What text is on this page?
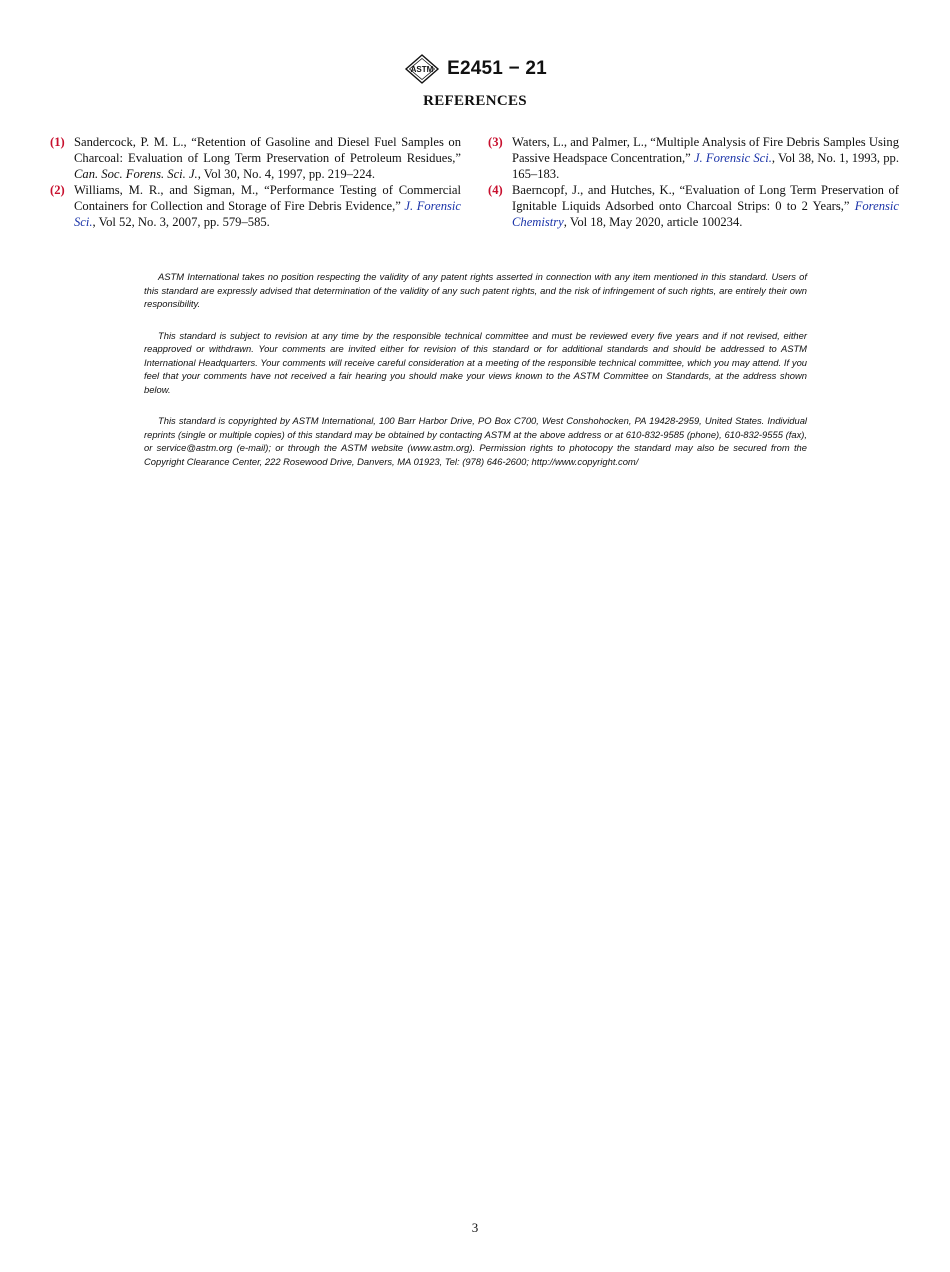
ASTM E2451 − 21
REFERENCES
(1) Sandercock, P. M. L., “Retention of Gasoline and Diesel Fuel Samples on Charcoal: Evaluation of Long Term Preservation of Petroleum Residues,” Can. Soc. Forens. Sci. J., Vol 30, No. 4, 1997, pp. 219–224.
(2) Williams, M. R., and Sigman, M., “Performance Testing of Commercial Containers for Collection and Storage of Fire Debris Evidence,” J. Forensic Sci., Vol 52, No. 3, 2007, pp. 579–585.
(3) Waters, L., and Palmer, L., “Multiple Analysis of Fire Debris Samples Using Passive Headspace Concentration,” J. Forensic Sci., Vol 38, No. 1, 1993, pp. 165–183.
(4) Baerncopf, J., and Hutches, K., “Evaluation of Long Term Preservation of Ignitable Liquids Adsorbed onto Charcoal Strips: 0 to 2 Years,” Forensic Chemistry, Vol 18, May 2020, article 100234.

ASTM International takes no position respecting the validity of any patent rights asserted in connection with any item mentioned in this standard. Users of this standard are expressly advised that determination of the validity of any such patent rights, and the risk of infringement of such rights, are entirely their own responsibility.

This standard is subject to revision at any time by the responsible technical committee and must be reviewed every five years and if not revised, either reapproved or withdrawn. Your comments are invited either for revision of this standard or for additional standards and should be addressed to ASTM International Headquarters. Your comments will receive careful consideration at a meeting of the responsible technical committee, which you may attend. If you feel that your comments have not received a fair hearing you should make your views known to the ASTM Committee on Standards, at the address shown below.

This standard is copyrighted by ASTM International, 100 Barr Harbor Drive, PO Box C700, West Conshohocken, PA 19428-2959, United States. Individual reprints (single or multiple copies) of this standard may be obtained by contacting ASTM at the above address or at 610-832-9585 (phone), 610-832-9555 (fax), or service@astm.org (e-mail); or through the ASTM website (www.astm.org). Permission rights to photocopy the standard may also be secured from the Copyright Clearance Center, 222 Rosewood Drive, Danvers, MA 01923, Tel: (978) 646-2600; http://www.copyright.com/

3
